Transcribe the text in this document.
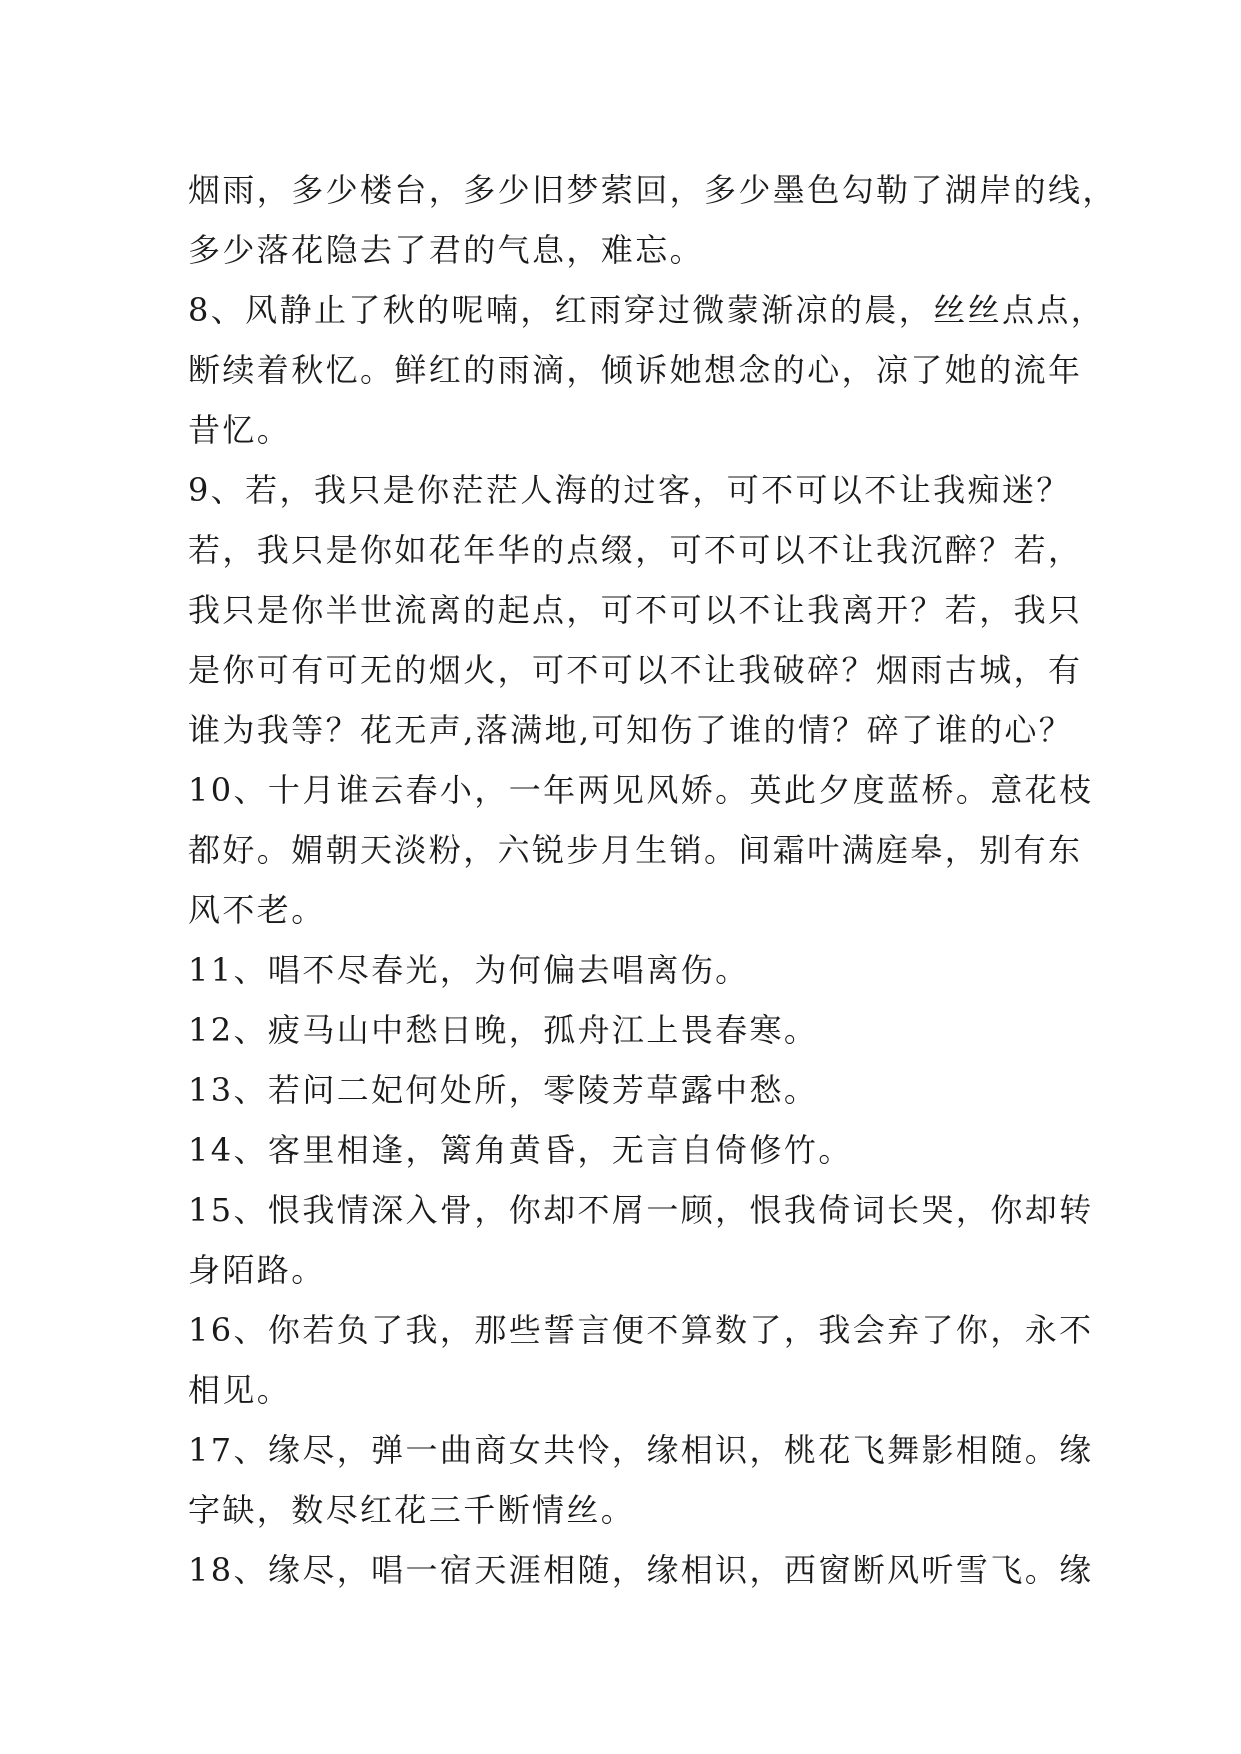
烟雨，多少楼台，多少旧梦萦回，多少墨色勾勒了湖岸的线，
多少落花隐去了君的气息，难忘。
8、风静止了秋的呢喃，红雨穿过微蒙渐凉的晨，丝丝点点，
断续着秋忆。鲜红的雨滴，倾诉她想念的心，凉了她的流年
昔忆。
9、若，我只是你茫茫人海的过客，可不可以不让我痴迷？
若，我只是你如花年华的点缀，可不可以不让我沉醉？若，
我只是你半世流离的起点，可不可以不让我离开？若，我只
是你可有可无的烟火，可不可以不让我破碎？烟雨古城，有
谁为我等？花无声,落满地,可知伤了谁的情？碎了谁的心？
10、十月谁云春小，一年两见风娇。英此夕度蓝桥。意花枝
都好。媚朝天淡粉，六锐步月生销。间霜叶满庭皋，别有东
风不老。
11、唱不尽春光，为何偏去唱离伤。
12、疲马山中愁日晚，孤舟江上畏春寒。
13、若问二妃何处所，零陵芳草露中愁。
14、客里相逢，篱角黄昏，无言自倚修竹。
15、恨我情深入骨，你却不屑一顾，恨我倚词长哭，你却转
身陌路。
16、你若负了我，那些誓言便不算数了，我会弃了你，永不
相见。
17、缘尽，弹一曲商女共怜，缘相识，桃花飞舞影相随。缘
字缺，数尽红花三千断情丝。
18、缘尽，唱一宿天涯相随，缘相识，西窗断风听雪飞。缘
